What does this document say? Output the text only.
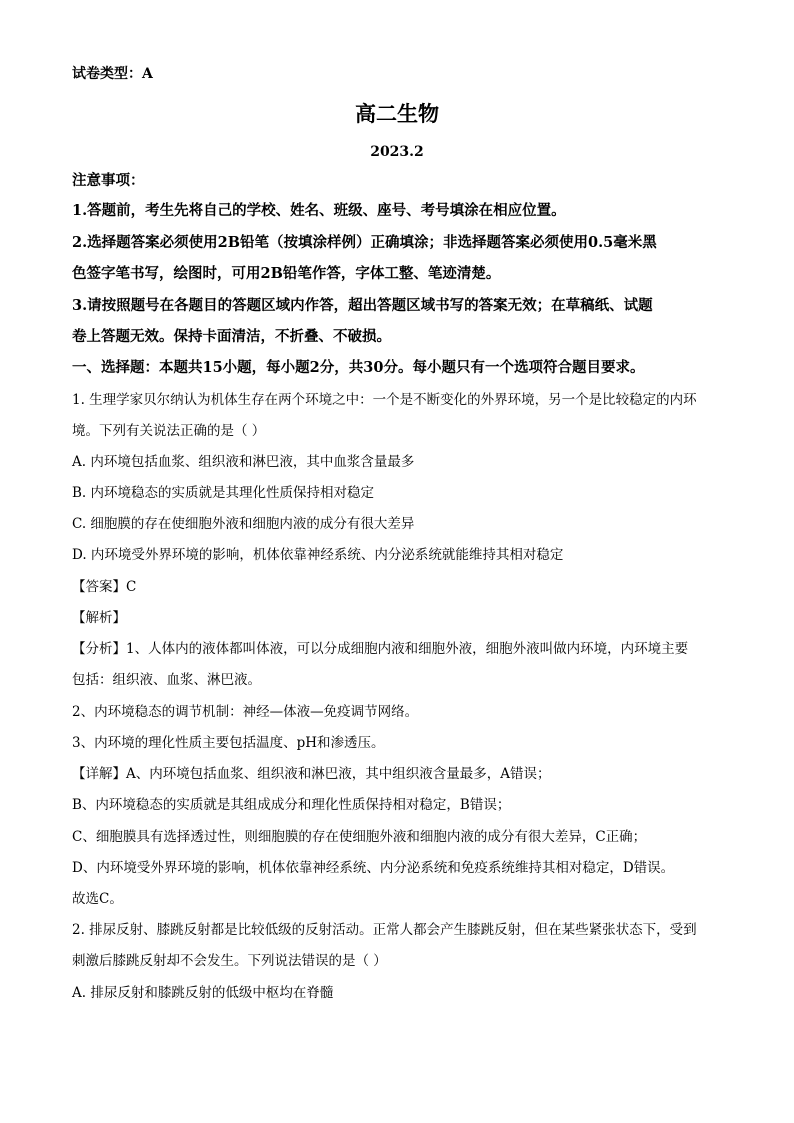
试卷类型：A
高二生物
2023.2
注意事项：
1.答题前，考生先将自己的学校、姓名、班级、座号、考号填涂在相应位置。
2.选择题答案必须使用2B铅笔（按填涂样例）正确填涂；非选择题答案必须使用0.5毫米黑
色签字笔书写，绘图时，可用2B铅笔作答，字体工整、笔迹清楚。
3.请按照题号在各题目的答题区域内作答，超出答题区域书写的答案无效；在草稿纸、试题
卷上答题无效。保持卡面清洁，不折叠、不破损。
一、选择题：本题共15小题，每小题2分，共30分。每小题只有一个选项符合题目要求。
1. 生理学家贝尔纳认为机体生存在两个环境之中：一个是不断变化的外界环境，另一个是比较稳定的内环
境。下列有关说法正确的是（ ）
A. 内环境包括血浆、组织液和淋巴液，其中血浆含量最多
B. 内环境稳态的实质就是其理化性质保持相对稳定
C. 细胞膜的存在使细胞外液和细胞内液的成分有很大差异
D. 内环境受外界环境的影响，机体依靠神经系统、内分泌系统就能维持其相对稳定
【答案】C
【解析】
【分析】1、人体内的液体都叫体液，可以分成细胞内液和细胞外液，细胞外液叫做内环境，内环境主要
包括：组织液、血浆、淋巴液。
2、内环境稳态的调节机制：神经—体液—免疫调节网络。
3、内环境的理化性质主要包括温度、pH和渗透压。
【详解】A、内环境包括血浆、组织液和淋巴液，其中组织液含量最多，A错误；
B、内环境稳态的实质就是其组成成分和理化性质保持相对稳定，B错误；
C、细胞膜具有选择透过性，则细胞膜的存在使细胞外液和细胞内液的成分有很大差异，C正确；
D、内环境受外界环境的影响，机体依靠神经系统、内分泌系统和免疫系统维持其相对稳定，D错误。
故选C。
2. 排尿反射、膝跳反射都是比较低级的反射活动。正常人都会产生膝跳反射，但在某些紧张状态下，受到
刺激后膝跳反射却不会发生。下列说法错误的是（ ）
A. 排尿反射和膝跳反射的低级中枢均在脊髓
